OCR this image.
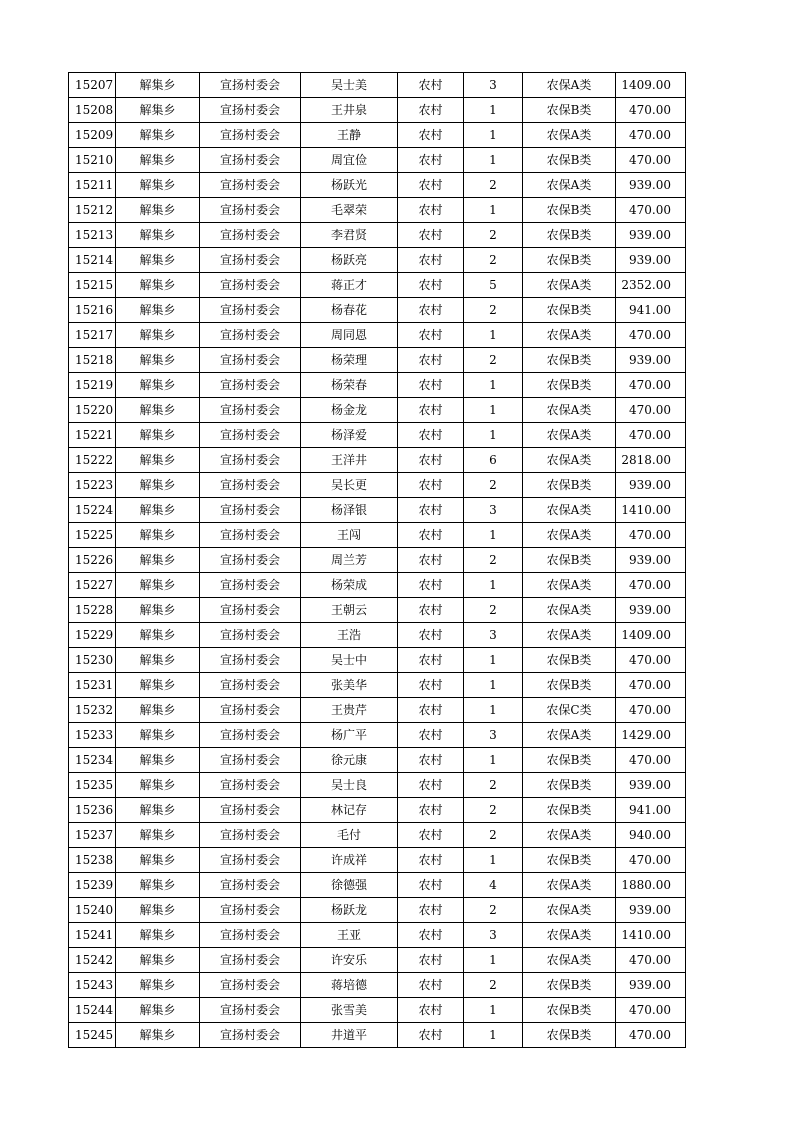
15207	解集乡	宣扬村委会	吴士美	农村	3	农保A类	1409.00
15208	解集乡	宣扬村委会	王井泉	农村	1	农保B类	470.00
15209	解集乡	宣扬村委会	王静	农村	1	农保A类	470.00
15210	解集乡	宣扬村委会	周宜俭	农村	1	农保B类	470.00
15211	解集乡	宣扬村委会	杨跃光	农村	2	农保A类	939.00
15212	解集乡	宣扬村委会	毛翠荣	农村	1	农保B类	470.00
15213	解集乡	宣扬村委会	李君贤	农村	2	农保B类	939.00
15214	解集乡	宣扬村委会	杨跃亮	农村	2	农保B类	939.00
15215	解集乡	宣扬村委会	蒋正才	农村	5	农保A类	2352.00
15216	解集乡	宣扬村委会	杨春花	农村	2	农保B类	941.00
15217	解集乡	宣扬村委会	周同恩	农村	1	农保A类	470.00
15218	解集乡	宣扬村委会	杨荣理	农村	2	农保B类	939.00
15219	解集乡	宣扬村委会	杨荣春	农村	1	农保B类	470.00
15220	解集乡	宣扬村委会	杨金龙	农村	1	农保A类	470.00
15221	解集乡	宣扬村委会	杨泽爱	农村	1	农保A类	470.00
15222	解集乡	宣扬村委会	王洋井	农村	6	农保A类	2818.00
15223	解集乡	宣扬村委会	吴长更	农村	2	农保B类	939.00
15224	解集乡	宣扬村委会	杨泽银	农村	3	农保A类	1410.00
15225	解集乡	宣扬村委会	王闯	农村	1	农保A类	470.00
15226	解集乡	宣扬村委会	周兰芳	农村	2	农保B类	939.00
15227	解集乡	宣扬村委会	杨荣成	农村	1	农保A类	470.00
15228	解集乡	宣扬村委会	王朝云	农村	2	农保A类	939.00
15229	解集乡	宣扬村委会	王浩	农村	3	农保A类	1409.00
15230	解集乡	宣扬村委会	吴士中	农村	1	农保B类	470.00
15231	解集乡	宣扬村委会	张美华	农村	1	农保B类	470.00
15232	解集乡	宣扬村委会	王贵芹	农村	1	农保C类	470.00
15233	解集乡	宣扬村委会	杨广平	农村	3	农保A类	1429.00
15234	解集乡	宣扬村委会	徐元康	农村	1	农保B类	470.00
15235	解集乡	宣扬村委会	吴士良	农村	2	农保B类	939.00
15236	解集乡	宣扬村委会	林记存	农村	2	农保B类	941.00
15237	解集乡	宣扬村委会	毛付	农村	2	农保A类	940.00
15238	解集乡	宣扬村委会	许成祥	农村	1	农保B类	470.00
15239	解集乡	宣扬村委会	徐德强	农村	4	农保A类	1880.00
15240	解集乡	宣扬村委会	杨跃龙	农村	2	农保A类	939.00
15241	解集乡	宣扬村委会	王亚	农村	3	农保A类	1410.00
15242	解集乡	宣扬村委会	许安乐	农村	1	农保A类	470.00
15243	解集乡	宣扬村委会	蒋培德	农村	2	农保B类	939.00
15244	解集乡	宣扬村委会	张雪美	农村	1	农保B类	470.00
15245	解集乡	宣扬村委会	井道平	农村	1	农保B类	470.00
